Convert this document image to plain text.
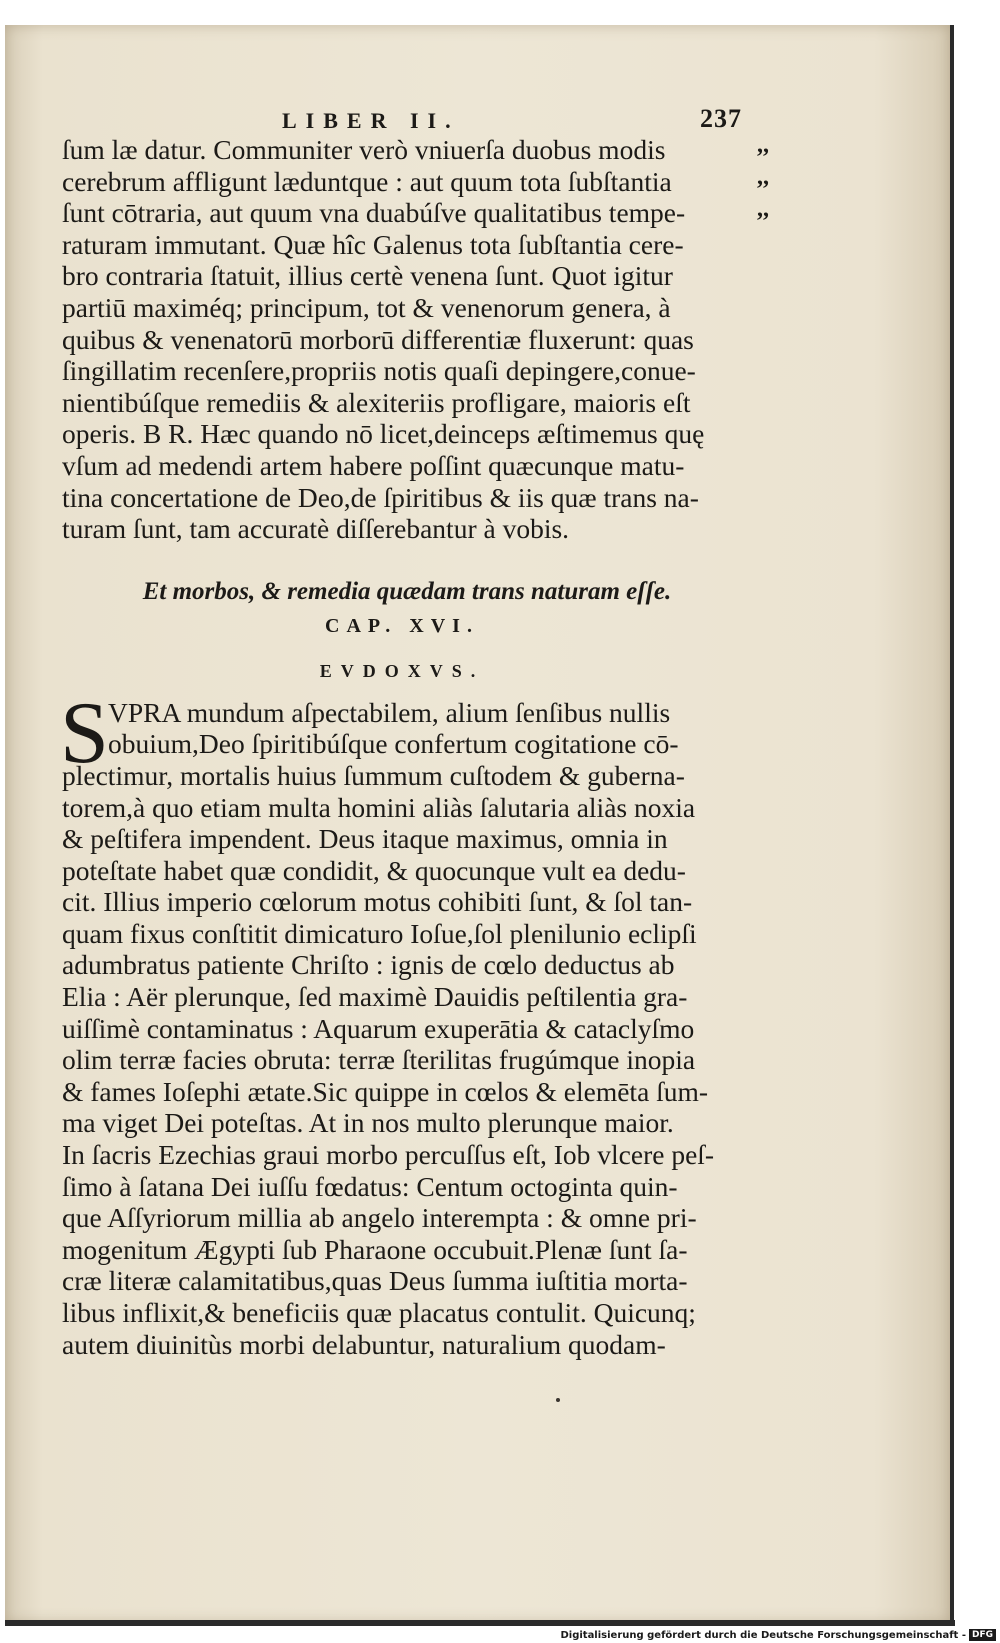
LIBER II.	237
,,
,,
,,
ſum læ datur. Communiter verò vniuerſa duobus modis
cerebrum affligunt læduntque : aut quum tota ſubſtantia
ſunt cōtraria, aut quum vna duabúſve qualitatibus tempe-
raturam immutant. Quæ hîc Galenus tota ſubſtantia cere-
bro contraria ſtatuit, illius certè venena ſunt. Quot igitur
partiū maximéq; principum, tot & venenorum genera, à
quibus & venenatorū morborū differentiæ fluxerunt: quas
ſingillatim recenſere,propriis notis quaſi depingere,conue-
nientibúſque remediis & alexiteriis profligare, maioris eſt
operis. B R. Hæc quando nō licet,deinceps æſtimemus quę
vſum ad medendi artem habere poſſint quæcunque matu-
tina concertatione de Deo,de ſpiritibus & iis quæ trans na-
turam ſunt, tam accuratè diſſerebantur à vobis.
Et morbos, & remedia quædam trans naturam eſſe.
CAP. XVI.
EVDOXVS.
S VPRA mundum aſpectabilem, alium ſenſibus nullis
obuium,Deo ſpiritibúſque confertum cogitatione cō-
plectimur, mortalis huius ſummum cuſtodem & guberna-
torem,à quo etiam multa homini aliàs ſalutaria aliàs noxia
& peſtifera impendent. Deus itaque maximus, omnia in
poteſtate habet quæ condidit, & quocunque vult ea dedu-
cit. Illius imperio cœlorum motus cohibiti ſunt, & ſol tan-
quam fixus conſtitit dimicaturo Ioſue,ſol plenilunio eclipſi
adumbratus patiente Chriſto : ignis de cœlo deductus ab
Elia : Aër plerunque, ſed maximè Dauidis peſtilentia gra-
uiſſimè contaminatus : Aquarum exuperātia & cataclyſmo
olim terræ facies obruta: terræ ſterilitas frugúmque inopia
& fames Ioſephi ætate.Sic quippe in cœlos & elemēta ſum-
ma viget Dei poteſtas. At in nos multo plerunque maior.
In ſacris Ezechias graui morbo percuſſus eſt, Iob vlcere peſ-
ſimo à ſatana Dei iuſſu fœdatus: Centum octoginta quin-
que Aſſyriorum millia ab angelo interempta : & omne pri-
mogenitum Ægypti ſub Pharaone occubuit.Plenæ ſunt ſa-
cræ literæ calamitatibus,quas Deus ſumma iuſtitia morta-
libus inflixit,& beneficiis quæ placatus contulit. Quicunq;
autem diuinitùs morbi delabuntur, naturalium quodam-
Digitalisierung gefördert durch die Deutsche Forschungsgemeinschaft - DFG
